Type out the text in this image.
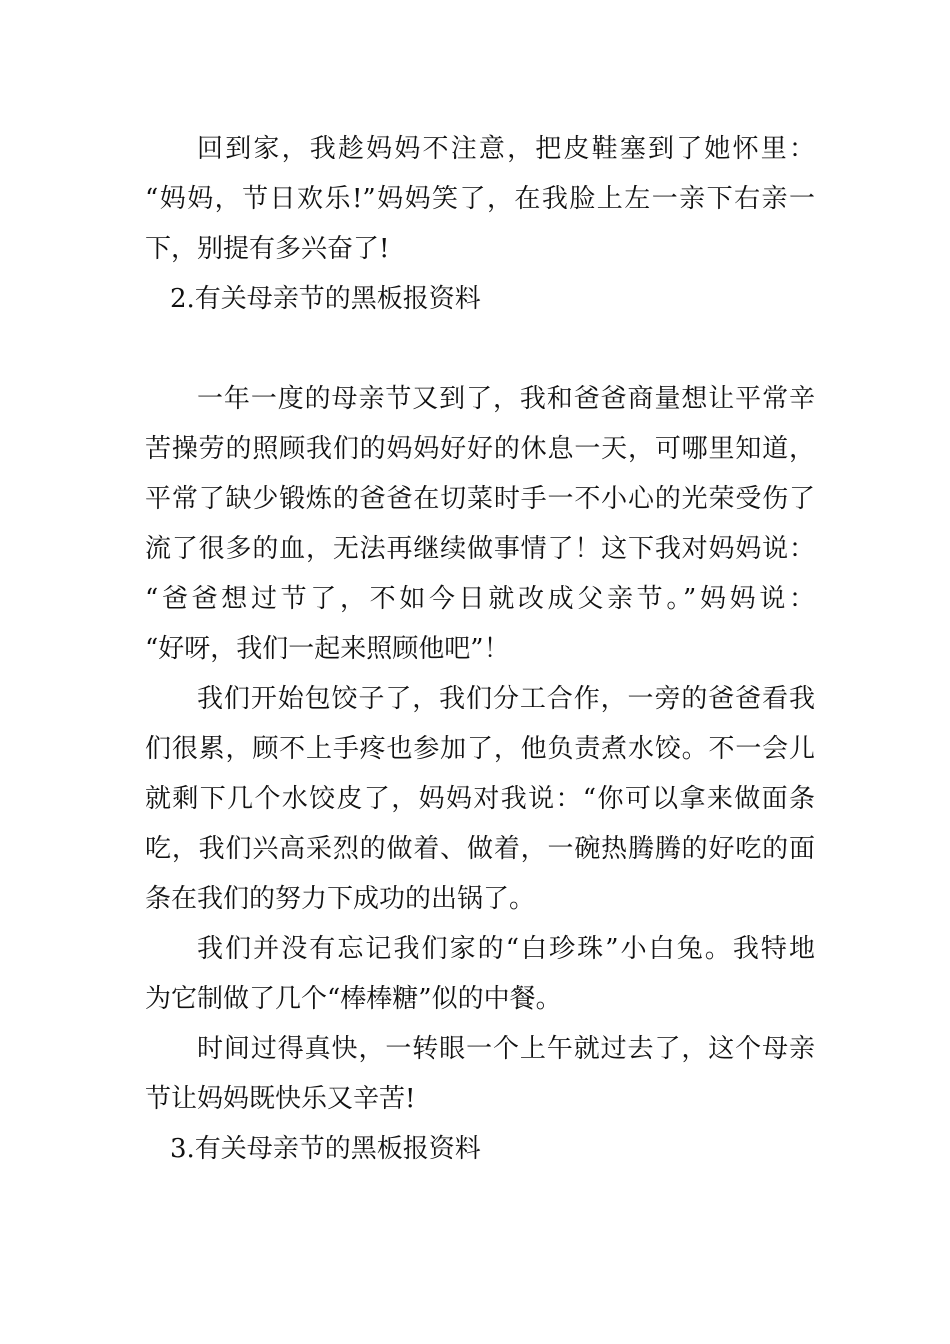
回到家，我趁妈妈不注意，把皮鞋塞到了她怀里：
“妈妈，节日欢乐!”妈妈笑了，在我脸上左一亲下右亲一
下，别提有多兴奋了!
2.有关母亲节的黑板报资料
一年一度的母亲节又到了，我和爸爸商量想让平常辛
苦操劳的照顾我们的妈妈好好的休息一天，可哪里知道，
平常了缺少锻炼的爸爸在切菜时手一不小心的光荣受伤了
流了很多的血，无法再继续做事情了！这下我对妈妈说：
“爸爸想过节了，不如今日就改成父亲节。”妈妈说：
“好呀，我们一起来照顾他吧”！
我们开始包饺子了，我们分工合作，一旁的爸爸看我
们很累，顾不上手疼也参加了，他负责煮水饺。不一会儿
就剩下几个水饺皮了，妈妈对我说：“你可以拿来做面条
吃，我们兴高采烈的做着、做着，一碗热腾腾的好吃的面
条在我们的努力下成功的出锅了。
我们并没有忘记我们家的“白珍珠”小白兔。我特地
为它制做了几个“棒棒糖”似的中餐。
时间过得真快，一转眼一个上午就过去了，这个母亲
节让妈妈既快乐又辛苦!
3.有关母亲节的黑板报资料
